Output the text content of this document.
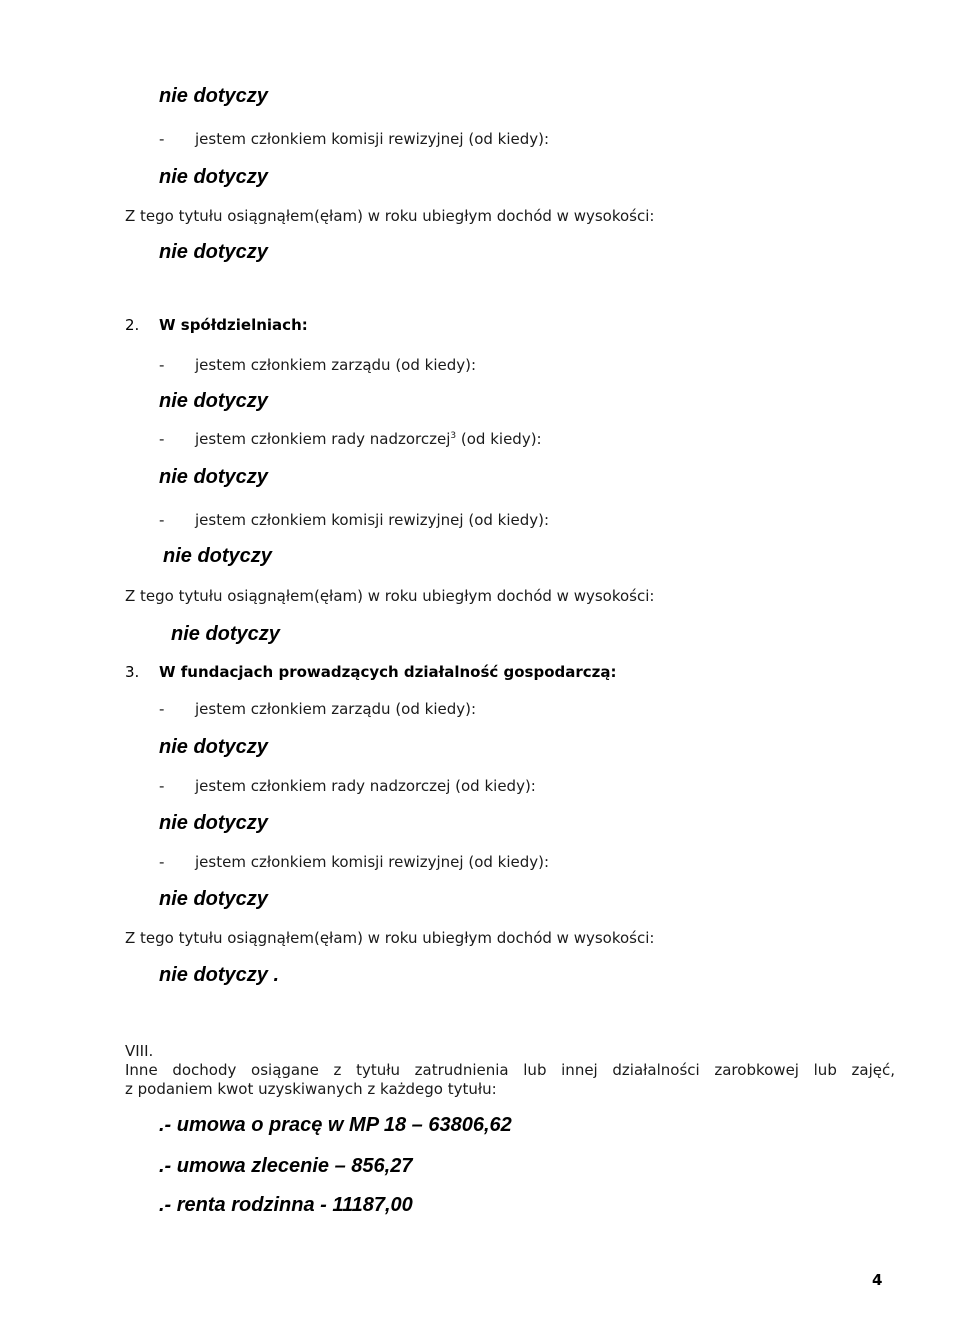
nie dotyczy
- jestem członkiem komisji rewizyjnej (od kiedy):
nie dotyczy
Z tego tytułu osiągnąłem(ęłam) w roku ubiegłym dochód w wysokości:
nie dotyczy
2. W spółdzielniach:
- jestem członkiem zarządu (od kiedy):
nie dotyczy
- jestem członkiem rady nadzorczej$^3$ (od kiedy):
nie dotyczy
- jestem członkiem komisji rewizyjnej (od kiedy):
nie dotyczy
Z tego tytułu osiągnąłem(ęłam) w roku ubiegłym dochód w wysokości:
nie dotyczy
3. W fundacjach prowadzących działalność gospodarczą:
- jestem członkiem zarządu (od kiedy):
nie dotyczy
- jestem członkiem rady nadzorczej (od kiedy):
nie dotyczy
- jestem członkiem komisji rewizyjnej (od kiedy):
nie dotyczy
Z tego tytułu osiągnąłem(ęłam) w roku ubiegłym dochód w wysokości:
nie dotyczy .
VIII.
Inne dochody osiągane z tytułu zatrudnienia lub innej działalności zarobkowej lub zajęć,
z podaniem kwot uzyskiwanych z każdego tytułu:
.- umowa o pracę w MP 18 – 63806,62
.- umowa zlecenie – 856,27
.- renta rodzinna - 11187,00
4
